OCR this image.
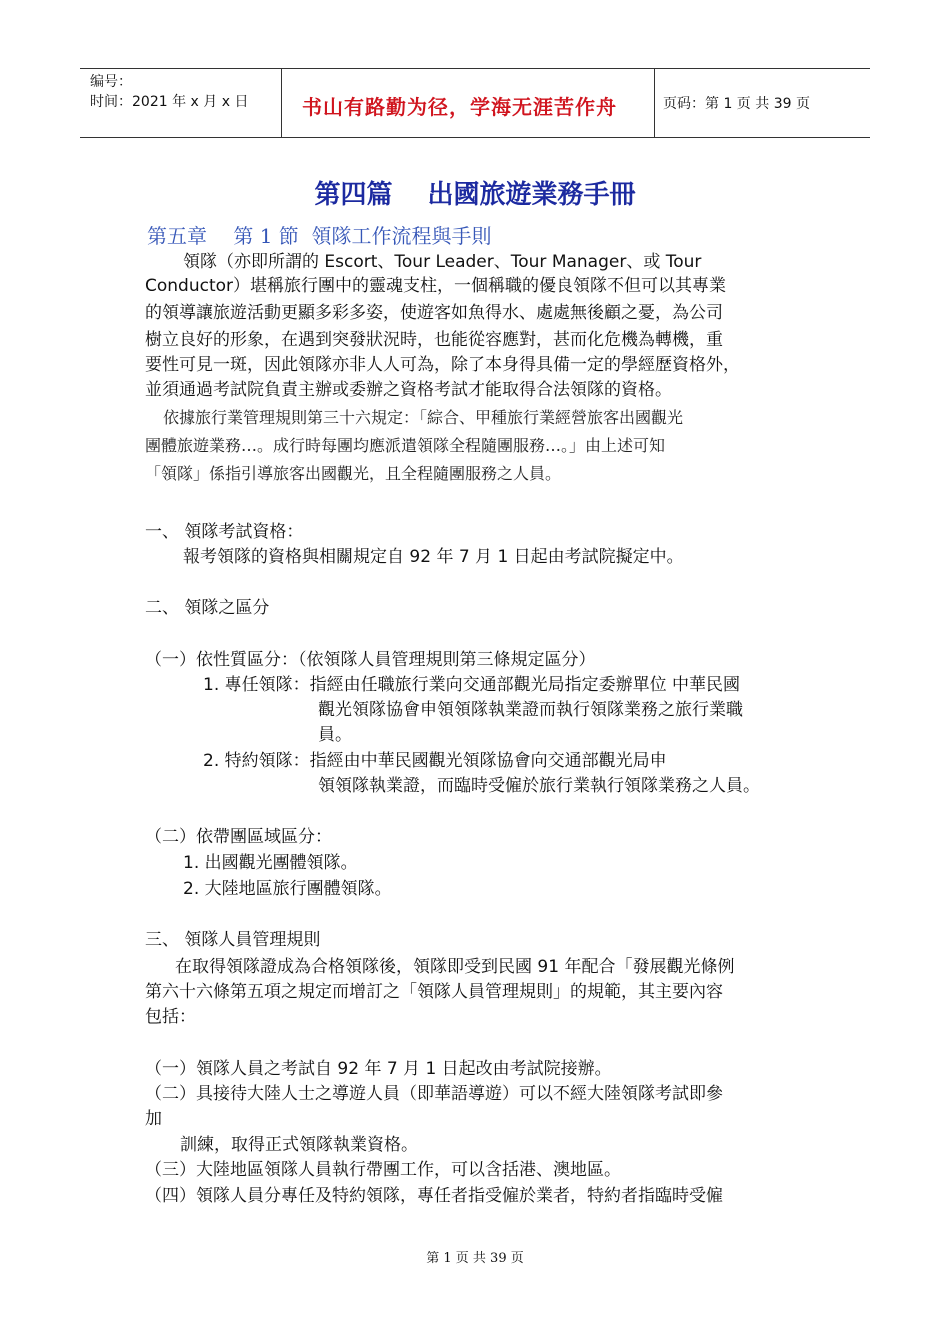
编号：
时间：2021 年 x 月 x 日	书山有路勤为径，学海无涯苦作舟	页码：第 1 页 共 39 页
第四篇　 出國旅遊業務手冊
第五章　 第 1 節  領隊工作流程與手則
領隊（亦即所謂的 Escort、Tour Leader、Tour Manager、或 Tour
Conductor）堪稱旅行團中的靈魂支柱，一個稱職的優良領隊不但可以其專業
的領導讓旅遊活動更顯多彩多姿，使遊客如魚得水、處處無後顧之憂，為公司
樹立良好的形象，在遇到突發狀況時，也能從容應對，甚而化危機為轉機，重
要性可見一斑，因此領隊亦非人人可為，除了本身得具備一定的學經歷資格外，
並須通過考試院負責主辦或委辦之資格考試才能取得合法領隊的資格。
依據旅行業管理規則第三十六規定：「綜合、甲種旅行業經營旅客出國觀光
團體旅遊業務…。成行時每團均應派遣領隊全程隨團服務…。」由上述可知
「領隊」係指引導旅客出國觀光，且全程隨團服務之人員。
一、 領隊考試資格：
報考領隊的資格與相關規定自 92 年 7 月 1 日起由考試院擬定中。
二、 領隊之區分
（一）依性質區分：（依領隊人員管理規則第三條規定區分）
1. 專任領隊：指經由任職旅行業向交通部觀光局指定委辦單位 中華民國
觀光領隊協會申領領隊執業證而執行領隊業務之旅行業職
員。
2. 特約領隊：指經由中華民國觀光領隊協會向交通部觀光局申
領領隊執業證，而臨時受僱於旅行業執行領隊業務之人員。
（二）依帶團區域區分：
1. 出國觀光團體領隊。
2. 大陸地區旅行團體領隊。
三、 領隊人員管理規則
在取得領隊證成為合格領隊後，領隊即受到民國 91 年配合「發展觀光條例
第六十六條第五項之規定而增訂之「領隊人員管理規則」的規範，其主要內容
包括：
（一）領隊人員之考試自 92 年 7 月 1 日起改由考試院接辦。
（二）具接待大陸人士之導遊人員（即華語導遊）可以不經大陸領隊考試即參
加
訓練，取得正式領隊執業資格。
（三）大陸地區領隊人員執行帶團工作，可以含括港、澳地區。
（四）領隊人員分專任及特約領隊，專任者指受僱於業者，特約者指臨時受僱
第 1 页 共 39 页
